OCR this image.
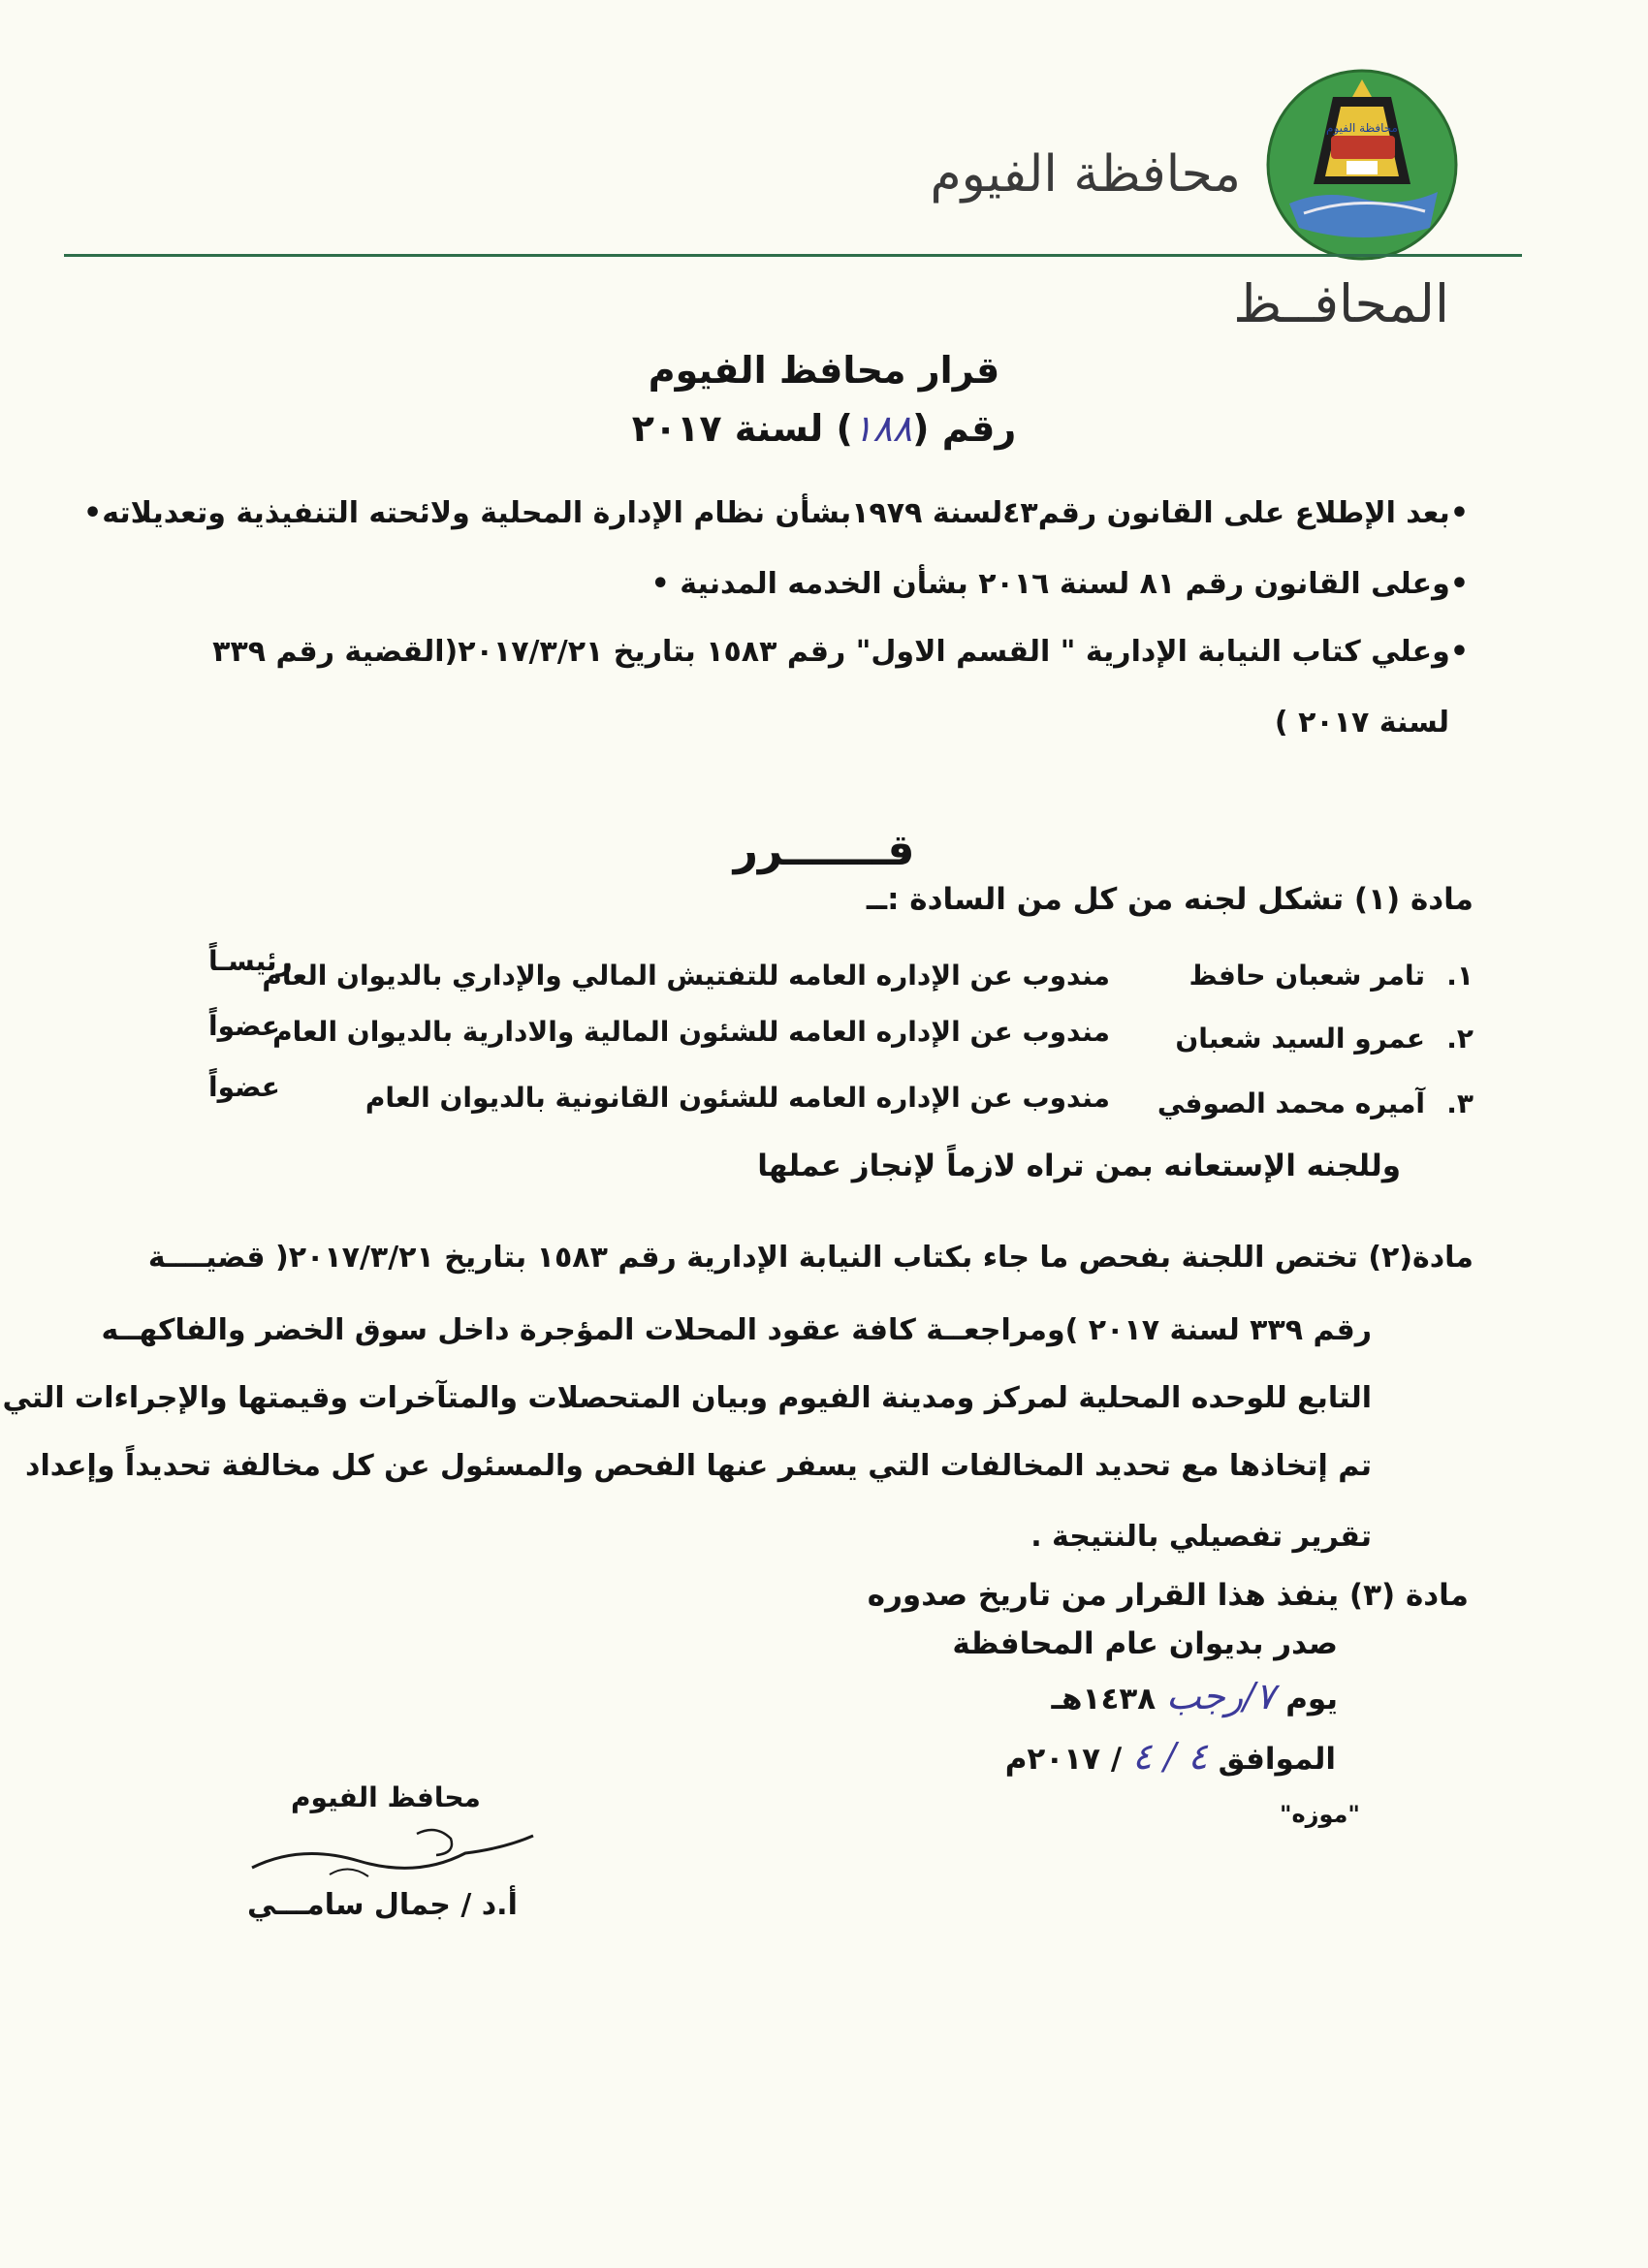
محافظة الفيوم
محافظة الفيوم
المحافــظ
قرار محافظ الفيوم
رقم (١٨٨) لسنة ٢٠١٧
•بعد الإطلاع على القانون رقم٤٣لسنة ١٩٧٩بشأن نظام الإدارة المحلية ولائحته التنفيذية وتعديلاته•
•وعلى القانون رقم ٨١ لسنة ٢٠١٦ بشأن الخدمه المدنية •
•وعلي كتاب النيابة الإدارية " القسم الاول" رقم ١٥٨٣ بتاريخ ٢٠١٧/٣/٢١(القضية رقم ٣٣٩
لسنة ٢٠١٧ )
قـــــــرر
مادة (١) تشكل لجنه من كل من السادة :ــ
١.
تامر شعبان حافظ
مندوب عن الإداره العامه للتفتيش المالي والإداري بالديوان العام
رئيسـاً
٢.
عمرو السيد شعبان
مندوب عن الإداره العامه للشئون المالية والادارية بالديوان العام
عضواً
٣.
آميره محمد الصوفي
مندوب عن الإداره العامه للشئون القانونية بالديوان العام
عضواً
وللجنه الإستعانه بمن تراه لازماً لإنجاز عملها
مادة(٢) تختص اللجنة بفحص ما جاء بكتاب النيابة الإدارية رقم ١٥٨٣ بتاريخ ٢٠١٧/٣/٢١( قضيــــة
رقم ٣٣٩ لسنة ٢٠١٧ )ومراجعــة كافة عقود المحلات المؤجرة داخل سوق الخضر والفاكهــه
التابع للوحده المحلية لمركز ومدينة الفيوم وبيان المتحصلات والمتآخرات وقيمتها والإجراءات التي
تم إتخاذها مع تحديد المخالفات التي يسفر عنها الفحص والمسئول عن كل مخالفة تحديداً وإعداد
تقرير تفصيلي بالنتيجة .
مادة (٣) ينفذ هذا القرار من تاريخ صدوره
صدر بديوان عام المحافظة
يوم ٧/رجب ١٤٣٨هـ
الموافق ٤ / ٤ / ٢٠١٧م
محافظ الفيوم
أ.د / جمال سامـــي
"موزه"
